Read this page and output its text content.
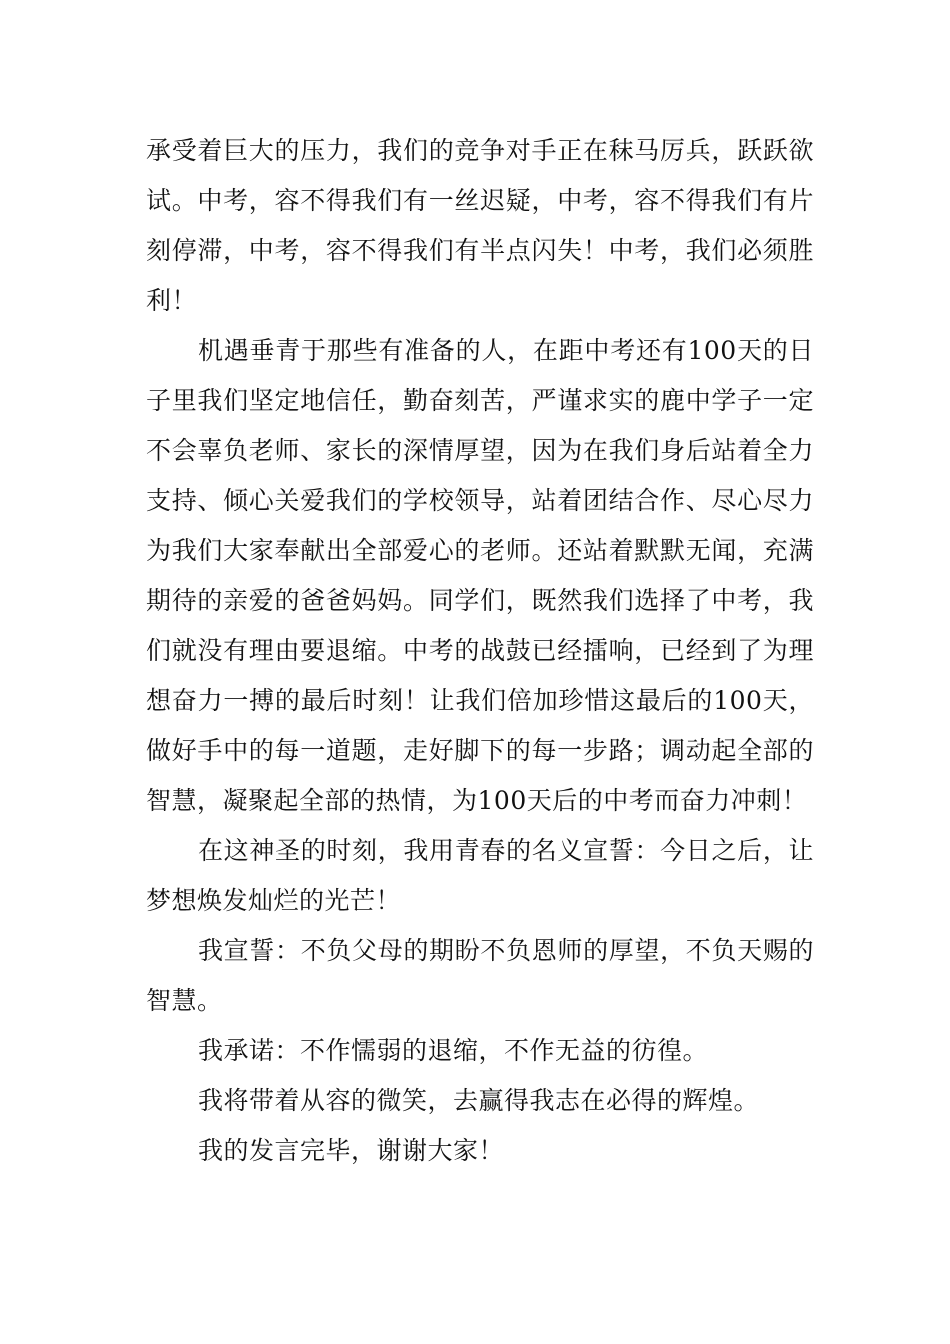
承受着巨大的压力，我们的竞争对手正在秣马厉兵，跃跃欲试。中考，容不得我们有一丝迟疑，中考，容不得我们有片刻停滞，中考，容不得我们有半点闪失！中考，我们必须胜利！

机遇垂青于那些有准备的人，在距中考还有100天的日子里我们坚定地信任，勤奋刻苦，严谨求实的鹿中学子一定不会辜负老师、家长的深情厚望，因为在我们身后站着全力支持、倾心关爱我们的学校领导，站着团结合作、尽心尽力为我们大家奉献出全部爱心的老师。还站着默默无闻，充满期待的亲爱的爸爸妈妈。同学们，既然我们选择了中考，我们就没有理由要退缩。中考的战鼓已经擂响，已经到了为理想奋力一搏的最后时刻！让我们倍加珍惜这最后的100天，做好手中的每一道题，走好脚下的每一步路；调动起全部的智慧，凝聚起全部的热情，为100天后的中考而奋力冲刺！

在这神圣的时刻，我用青春的名义宣誓：今日之后，让梦想焕发灿烂的光芒！

我宣誓：不负父母的期盼不负恩师的厚望，不负天赐的智慧。

我承诺：不作懦弱的退缩，不作无益的彷徨。

我将带着从容的微笑，去赢得我志在必得的辉煌。

我的发言完毕，谢谢大家！
